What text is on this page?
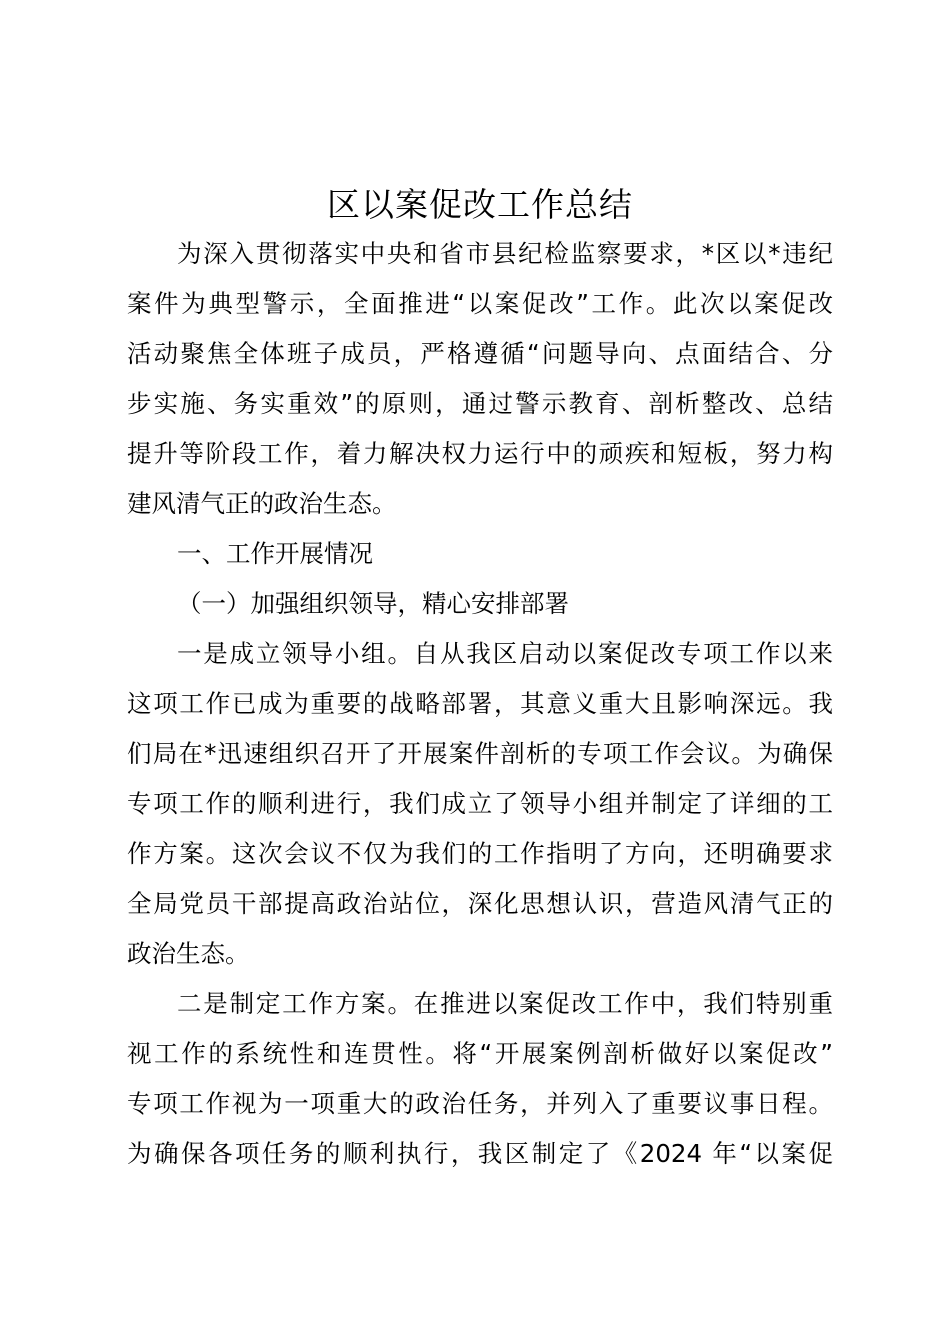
区以案促改工作总结
为深入贯彻落实中央和省市县纪检监察要求，*区以*违纪
案件为典型警示，全面推进“以案促改”工作。此次以案促改
活动聚焦全体班子成员，严格遵循“问题导向、点面结合、分
步实施、务实重效”的原则，通过警示教育、剖析整改、总结
提升等阶段工作，着力解决权力运行中的顽疾和短板，努力构
建风清气正的政治生态。
一、工作开展情况
（一）加强组织领导，精心安排部署
一是成立领导小组。自从我区启动以案促改专项工作以来
这项工作已成为重要的战略部署，其意义重大且影响深远。我
们局在*迅速组织召开了开展案件剖析的专项工作会议。为确保
专项工作的顺利进行，我们成立了领导小组并制定了详细的工
作方案。这次会议不仅为我们的工作指明了方向，还明确要求
全局党员干部提高政治站位，深化思想认识，营造风清气正的
政治生态。
二是制定工作方案。在推进以案促改工作中，我们特别重
视工作的系统性和连贯性。将“开展案例剖析做好以案促改”
专项工作视为一项重大的政治任务，并列入了重要议事日程。
为确保各项任务的顺利执行，我区制定了《2024 年“以案促
